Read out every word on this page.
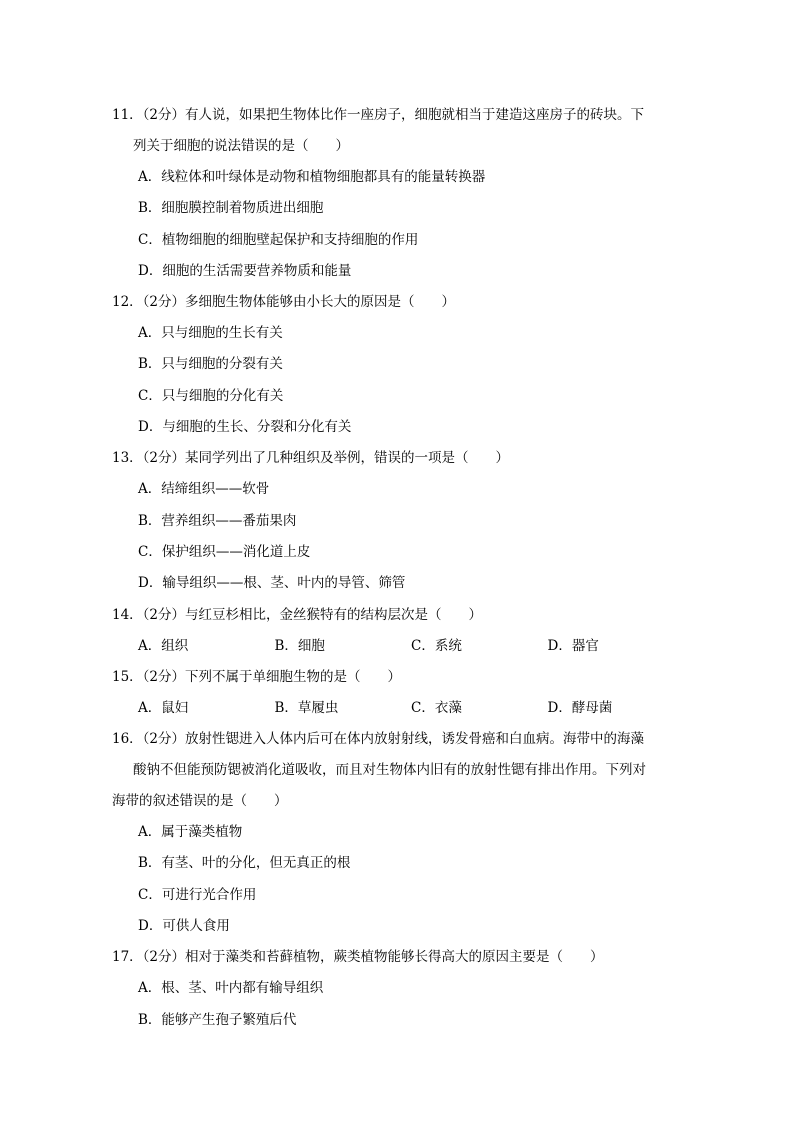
11．（2分）有人说，如果把生物体比作一座房子，细胞就相当于建造这座房子的砖块。下
列关于细胞的说法错误的是（　　）
A．线粒体和叶绿体是动物和植物细胞都具有的能量转换器
B．细胞膜控制着物质进出细胞
C．植物细胞的细胞壁起保护和支持细胞的作用
D．细胞的生活需要营养物质和能量
12．（2分）多细胞生物体能够由小长大的原因是（　　）
A．只与细胞的生长有关
B．只与细胞的分裂有关
C．只与细胞的分化有关
D．与细胞的生长、分裂和分化有关
13．（2分）某同学列出了几种组织及举例，错误的一项是（　　）
A．结缔组织——软骨
B．营养组织——番茄果肉
C．保护组织——消化道上皮
D．输导组织——根、茎、叶内的导管、筛管
14．（2分）与红豆杉相比，金丝猴特有的结构层次是（　　）
A．组织	B．细胞	C．系统	D．器官
15．（2分）下列不属于单细胞生物的是（　　）
A．鼠妇	B．草履虫	C．衣藻	D．酵母菌
16．（2分）放射性锶进入人体内后可在体内放射射线，诱发骨癌和白血病。海带中的海藻
酸钠不但能预防锶被消化道吸收，而且对生物体内旧有的放射性锶有排出作用。下列对
海带的叙述错误的是（　　）
A．属于藻类植物
B．有茎、叶的分化，但无真正的根
C．可进行光合作用
D．可供人食用
17．（2分）相对于藻类和苔藓植物，蕨类植物能够长得高大的原因主要是（　　）
A．根、茎、叶内都有输导组织
B．能够产生孢子繁殖后代
